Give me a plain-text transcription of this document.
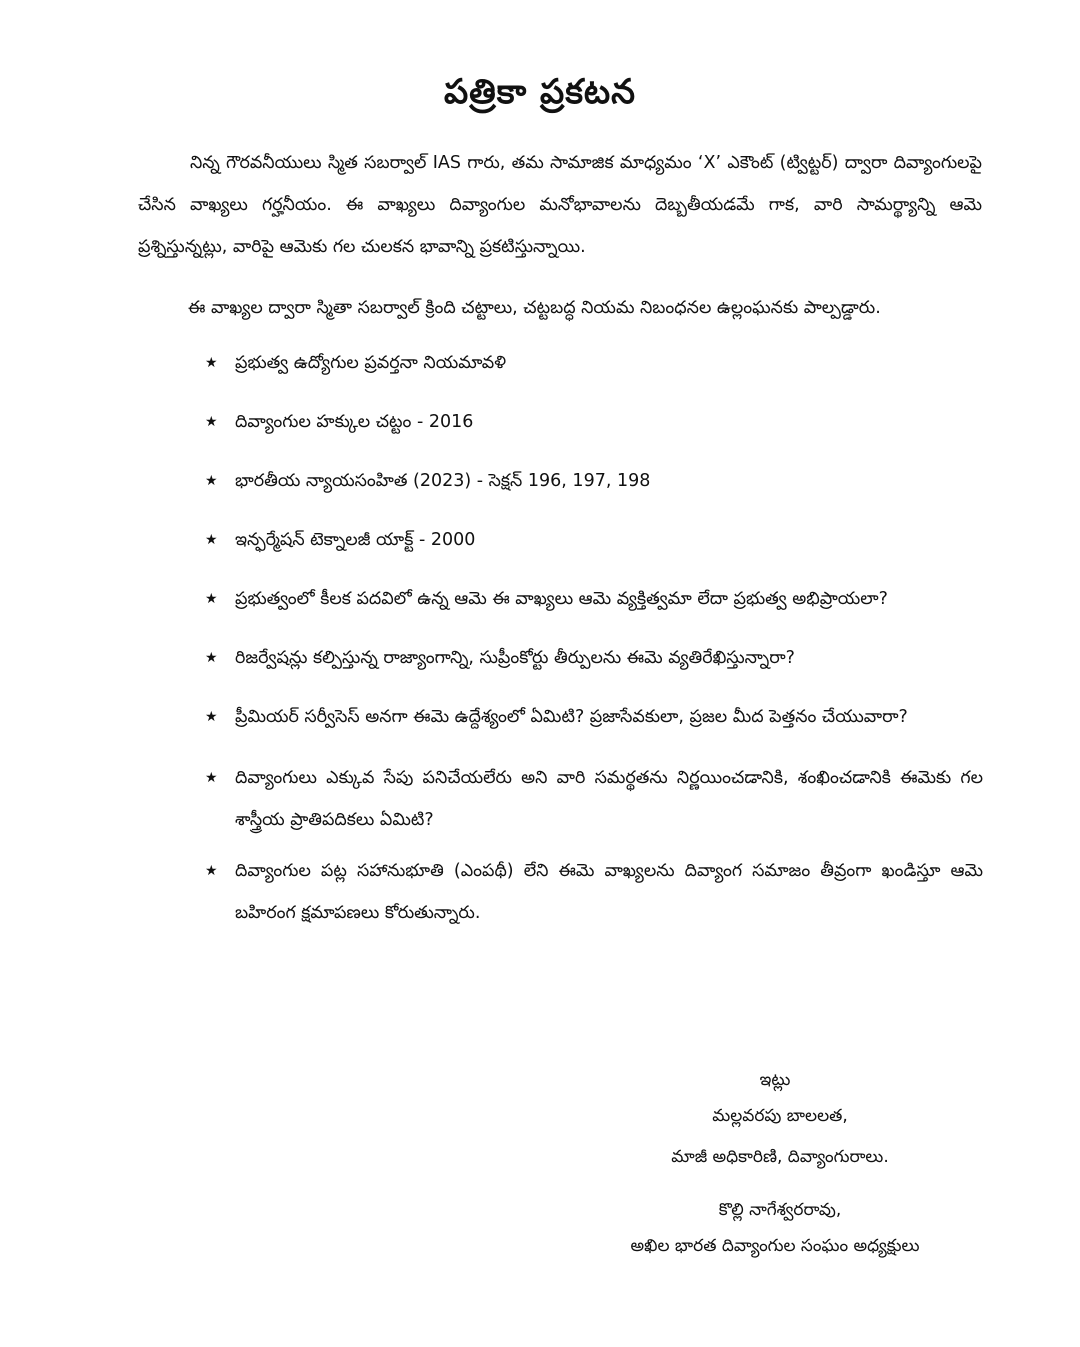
పత్రికా ప్రకటన

నిన్న గౌరవనీయులు స్మిత సబర్వాల్ IAS గారు, తమ సామాజిక మాధ్యమం ‘X’ ఎకౌంట్ (ట్విట్టర్) ద్వారా దివ్యాంగులపై చేసిన వాఖ్యలు గర్హనీయం. ఈ వాఖ్యలు దివ్యాంగుల మనోభావాలను దెబ్బతీయడమే గాక, వారి సామర్థ్యాన్ని ఆమె ప్రశ్నిస్తున్నట్లు, వారిపై ఆమెకు గల చులకన భావాన్ని ప్రకటిస్తున్నాయి.

ఈ వాఖ్యల ద్వారా స్మితా సబర్వాల్ క్రింది చట్టాలు, చట్టబద్ధ నియమ నిబంధనల ఉల్లంఘనకు పాల్పడ్డారు.

★ ప్రభుత్వ ఉద్యోగుల ప్రవర్తనా నియమావళి
★ దివ్యాంగుల హక్కుల చట్టం - 2016
★ భారతీయ న్యాయసంహిత (2023) - సెక్షన్ 196, 197, 198
★ ఇన్ఫర్మేషన్ టెక్నాలజీ యాక్ట్ - 2000
★ ప్రభుత్వంలో కీలక పదవిలో ఉన్న ఆమె ఈ వాఖ్యలు ఆమె వ్యక్తిత్వమా లేదా ప్రభుత్వ అభిప్రాయలా?
★ రిజర్వేషన్లు కల్పిస్తున్న రాజ్యాంగాన్ని, సుప్రీంకోర్టు తీర్పులను ఈమె వ్యతిరేఖిస్తున్నారా?
★ ప్రీమియర్ సర్వీసెస్ అనగా ఈమె ఉద్దేశ్యంలో ఏమిటి? ప్రజాసేవకులా, ప్రజల మీద పెత్తనం చేయువారా?
★ దివ్యాంగులు ఎక్కువ సేపు పనిచేయలేరు అని వారి సమర్థతను నిర్ణయించడానికి, శంఖించడానికి ఈమెకు గల శాస్త్రీయ ప్రాతిపదికలు ఏమిటి?
★ దివ్యాంగుల పట్ల సహానుభూతి (ఎంపథీ) లేని ఈమె వాఖ్యలను దివ్యాంగ సమాజం తీవ్రంగా ఖండిస్తూ ఆమె బహిరంగ క్షమాపణలు కోరుతున్నారు.
ఇట్లు
మల్లవరపు బాలలత,
మాజీ అధికారిణి, దివ్యాంగురాలు.
కొల్లి నాగేశ్వరరావు,
అఖిల భారత దివ్యాంగుల సంఘం అధ్యక్షులు
